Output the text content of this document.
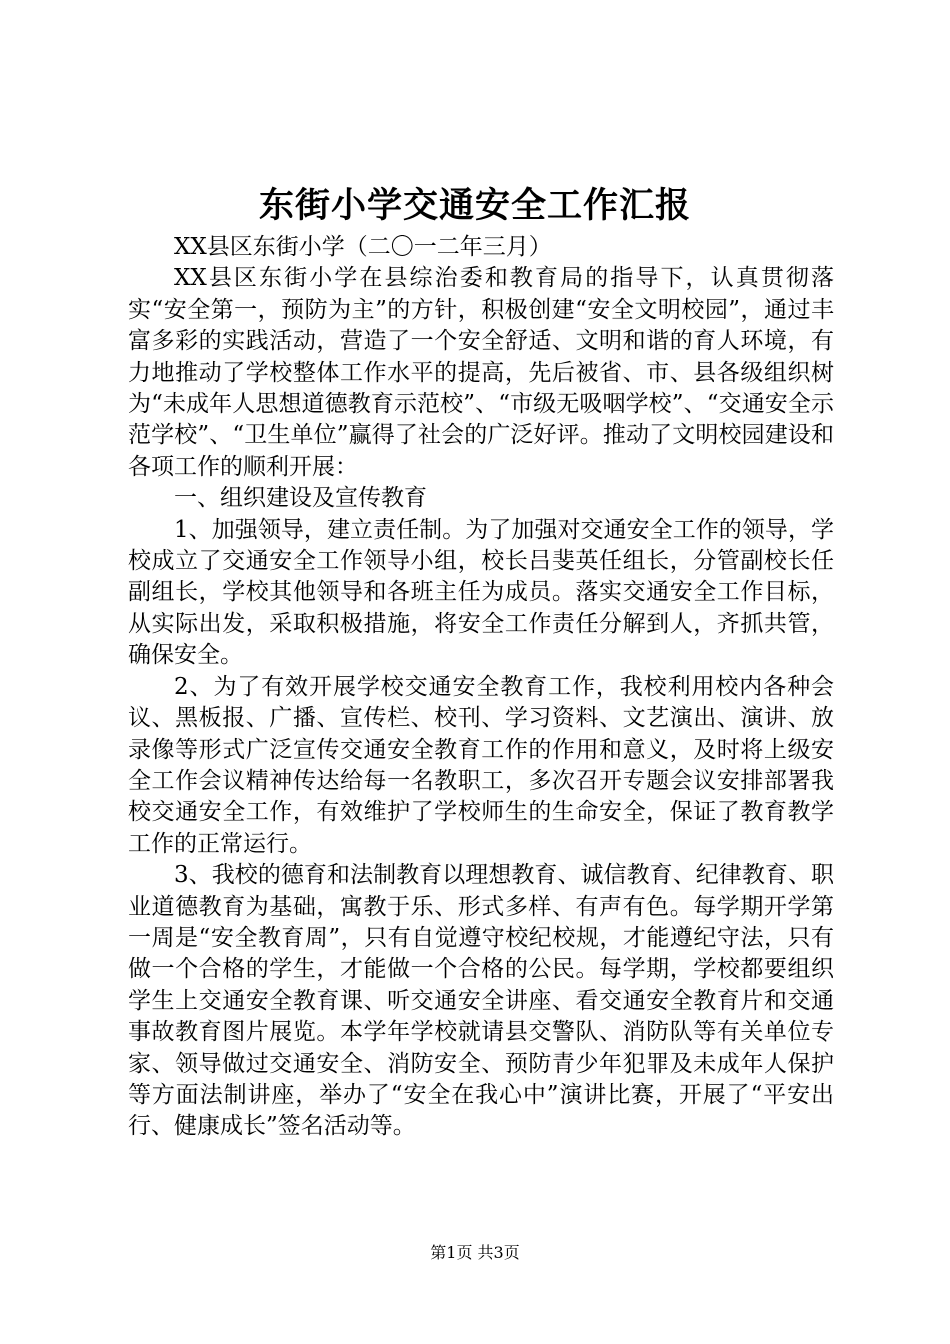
东街小学交通安全工作汇报

XX县区东街小学（二〇一二年三月）

XX县区东街小学在县综治委和教育局的指导下，认真贯彻落实“安全第一，预防为主”的方针，积极创建“安全文明校园”，通过丰富多彩的实践活动，营造了一个安全舒适、文明和谐的育人环境，有力地推动了学校整体工作水平的提高，先后被省、市、县各级组织树为“未成年人思想道德教育示范校”、“市级无吸咽学校”、“交通安全示范学校”、“卫生单位”赢得了社会的广泛好评。推动了文明校园建设和各项工作的顺利开展：

一、组织建设及宣传教育

1、加强领导，建立责任制。为了加强对交通安全工作的领导，学校成立了交通安全工作领导小组，校长吕斐英任组长，分管副校长任副组长，学校其他领导和各班主任为成员。落实交通安全工作目标，从实际出发，采取积极措施，将安全工作责任分解到人，齐抓共管，确保安全。

2、为了有效开展学校交通安全教育工作，我校利用校内各种会议、黑板报、广播、宣传栏、校刊、学习资料、文艺演出、演讲、放录像等形式广泛宣传交通安全教育工作的作用和意义，及时将上级安全工作会议精神传达给每一名教职工，多次召开专题会议安排部署我校交通安全工作，有效维护了学校师生的生命安全，保证了教育教学工作的正常运行。

3、我校的德育和法制教育以理想教育、诚信教育、纪律教育、职业道德教育为基础，寓教于乐、形式多样、有声有色。每学期开学第一周是“安全教育周”，只有自觉遵守校纪校规，才能遵纪守法，只有做一个合格的学生，才能做一个合格的公民。每学期，学校都要组织学生上交通安全教育课、听交通安全讲座、看交通安全教育片和交通事故教育图片展览。本学年学校就请县交警队、消防队等有关单位专家、领导做过交通安全、消防安全、预防青少年犯罪及未成年人保护等方面法制讲座，举办了“安全在我心中”演讲比赛，开展了“平安出行、健康成长”签名活动等。

第1页 共3页
